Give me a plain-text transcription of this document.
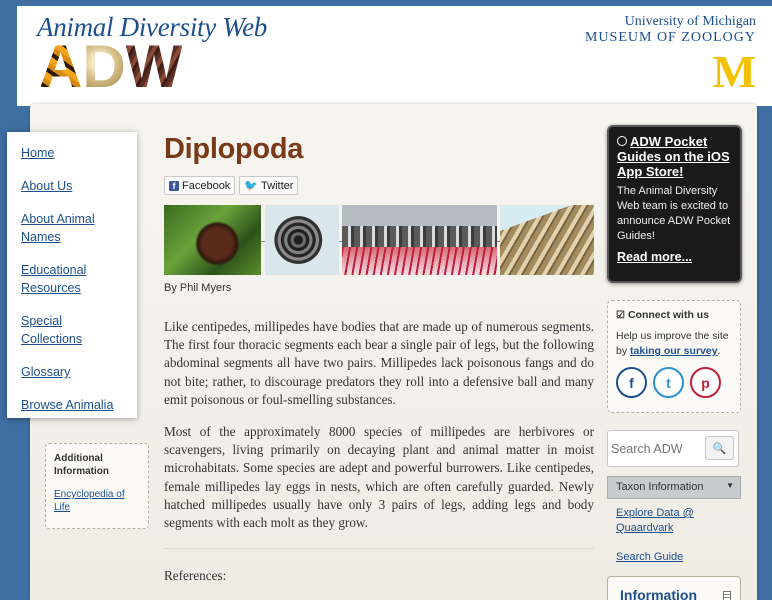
Animal Diversity Web
A D W
University of Michigan
MUSEUM OF ZOOLOGY
M
Home
About Us
About Animal Names
Educational Resources
Special Collections
Glossary
Browse Animalia
Additional Information
Encyclopedia of Life
Diplopoda
f Facebook 🐦 Twitter
By Phil Myers

Like centipedes, millipedes have bodies that are made up of numerous segments. The first four thoracic segments each bear a single pair of legs, but the following abdominal segments all have two pairs. Millipedes lack poisonous fangs and do not bite; rather, to discourage predators they roll into a defensive ball and many emit poisonous or foul-smelling substances.

Most of the approximately 8000 species of millipedes are herbivores or scavengers, living primarily on decaying plant and animal matter in moist microhabitats. Some species are adept and powerful burrowers. Like centipedes, female millipedes lay eggs in nests, which are often carefully guarded. Newly hatched millipedes usually have only 3 pairs of legs, adding legs and body segments with each molt as they grow.

References:
ADW Pocket Guides on the iOS App Store!
The Animal Diversity Web team is excited to announce ADW Pocket Guides!
Read more...
☑ Connect with us
Help us improve the site by taking our survey.
f	t	p
Search ADW
🔍
Taxon Information	▼
Explore Data @ Quaardvark
Search Guide
Information
